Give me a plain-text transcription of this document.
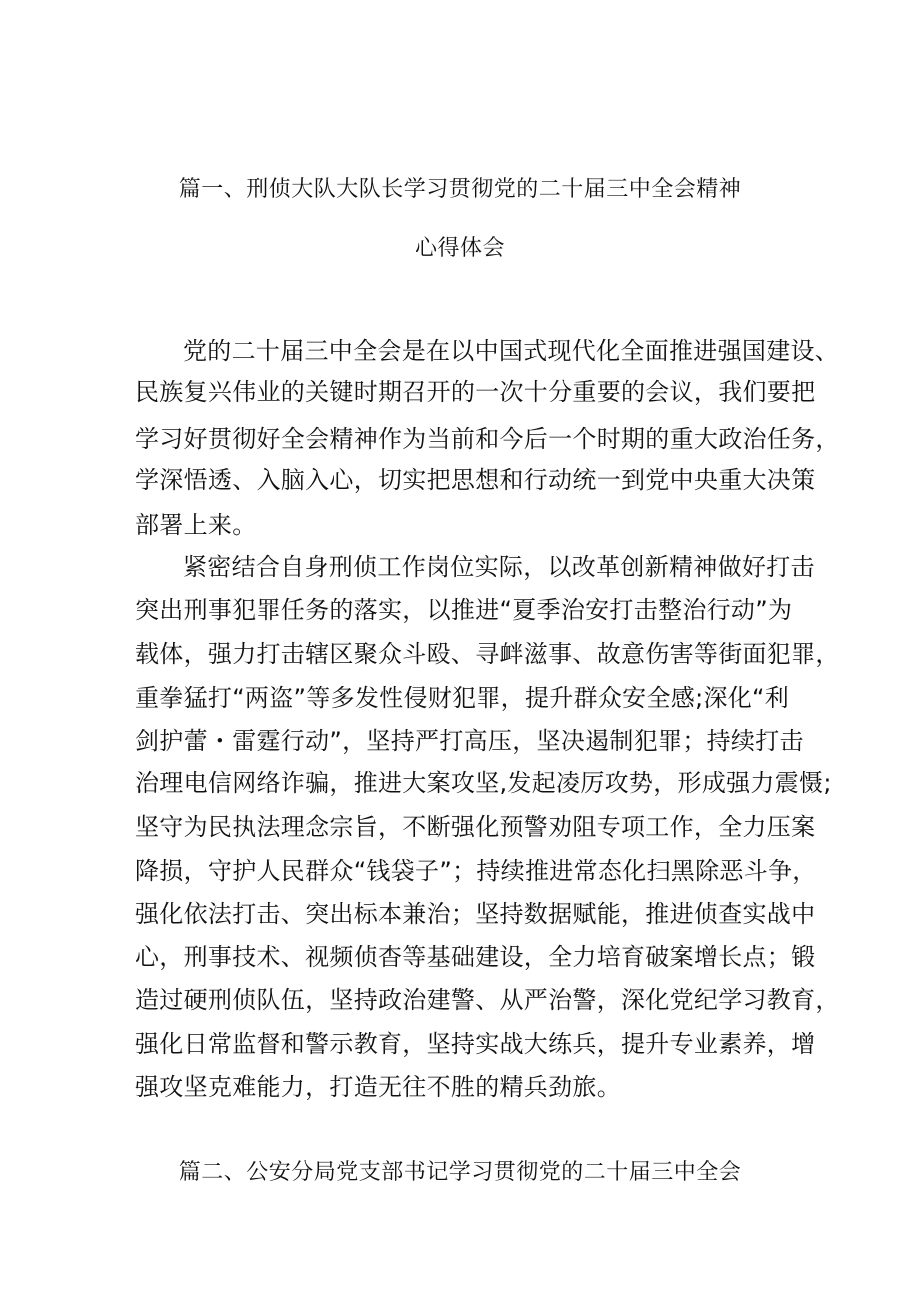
篇一、刑侦大队大队长学习贯彻党的二十届三中全会精神
心得体会
党的二十届三中全会是在以中国式现代化全面推进强国建设、
民族复兴伟业的关键时期召开的一次十分重要的会议，我们要把
学习好贯彻好全会精神作为当前和今后一个时期的重大政治任务，
学深悟透、入脑入心，切实把思想和行动统一到党中央重大决策
部署上来。
紧密结合自身刑侦工作岗位实际，以改革创新精神做好打击
突出刑事犯罪任务的落实，以推进“夏季治安打击整治行动”为
载体，强力打击辖区聚众斗殴、寻衅滋事、故意伤害等街面犯罪，
重拳猛打“两盗”等多发性侵财犯罪，提升群众安全感;深化“利
剑护蕾・雷霆行动”，坚持严打高压，坚决遏制犯罪；持续打击
治理电信网络诈骗，推进大案攻坚,发起凌厉攻势，形成强力震慑;
坚守为民执法理念宗旨，不断强化预警劝阻专项工作，全力压案
降损，守护人民群众“钱袋子”；持续推进常态化扫黑除恶斗争，
强化依法打击、突出标本兼治；坚持数据赋能，推进侦查实战中
心，刑事技术、视频侦杳等基础建设，全力培育破案增长点；锻
造过硬刑侦队伍，坚持政治建警、从严治警，深化党纪学习教育，
强化日常监督和警示教育，坚持实战大练兵，提升专业素养，增
强攻坚克难能力，打造无往不胜的精兵劲旅。
篇二、公安分局党支部书记学习贯彻党的二十届三中全会
